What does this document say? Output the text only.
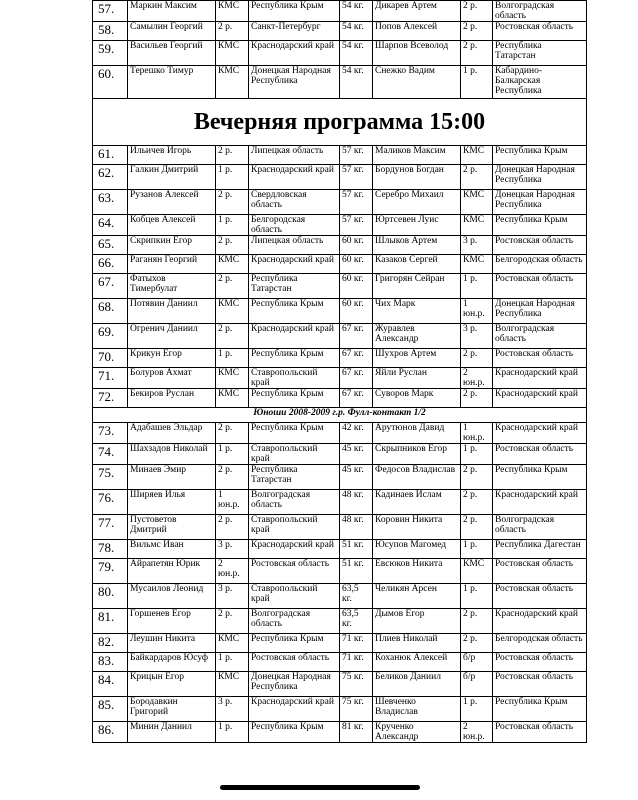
57.	Маркин Максим	КМС	Республика Крым	54 кг.	Дикарев Артем	2 р.	Волгоградская область
58.	Самылин Георгий	2 р.	Санкт-Петербург	54 кг.	Попов Алексей	2 р.	Ростовская область
59.	Васильев Георгий	КМС	Краснодарский край	54 кг.	Шарпов Всеволод	2 р.	Республика Татарстан
60.	Терешко Тимур	КМС	Донецкая Народная Республика	54 кг.	Снежко Вадим	1 р.	Кабардино-Балкарская Республика
Вечерняя программа 15:00							
61.	Ильичев Игорь	2 р.	Липецкая область	57 кг.	Маликов Максим	КМС	Республика Крым
62.	Галкин Дмитрий	1 р.	Краснодарский край	57 кг.	Бордунов Богдан	2 р.	Донецкая Народная Республика
63.	Рузанов Алексей	2 р.	Свердловская область	57 кг.	Серебро Михаил	КМС	Донецкая Народная Республика
64.	Кобцев Алексей	1 р.	Белгородская область	57 кг.	Юртсевен Луис	КМС	Республика Крым
65.	Скрипкин Егор	2 р.	Липецкая область	60 кг.	Шлыков Артем	3 р.	Ростовская область
66.	Раганян Георгий	КМС	Краснодарский край	60 кг.	Казаков Сергей	КМС	Белгородская область
67.	Фатыхов Тимербулат	2 р.	Республика Татарстан	60 кг.	Григорян Сейран	1 р.	Ростовская область
68.	Потявин Даниил	КМС	Республика Крым	60 кг.	Чих Марк	1 юн.р.	Донецкая Народная Республика
69.	Огренич Даниил	2 р.	Краснодарский край	67 кг.	Журавлев Александр	3 р.	Волгоградская область
70.	Крикун Егор	1 р.	Республика Крым	67 кг.	Шухров Артем	2 р.	Ростовская область
71.	Болуров Ахмат	КМС	Ставропольский край	67 кг.	Яйли Руслан	2 юн.р.	Краснодарский край
72.	Бекиров Руслан	КМС	Республика Крым	67 кг.	Суворов Марк	2 р.	Краснодарский край
Юноши 2008-2009 г.р. Фулл-контакт 1/2							
73.	Адабашев Эльдар	2 р.	Республика Крым	42 кг.	Арутюнов Давид	1 юн.р.	Краснодарский край
74.	Шахзадов Николай	1 р.	Ставропольский край	45 кг.	Скрыпников Егор	1 р.	Ростовская область
75.	Минаев Эмир	2 р.	Республика Татарстан	45 кг.	Федосов Владислав	2 р.	Республика Крым
76.	Ширяев Илья	1 юн.р.	Волгоградская область	48 кг.	Кадинаев Ислам	2 р.	Краснодарский край
77.	Пустоветов Дмитрий	2 р.	Ставропольский край	48 кг.	Коровин Никита	2 р.	Волгоградская область
78.	Вильмс Иван	3 р.	Краснодарский край	51 кг.	Юсупов Магомед	1 р.	Республика Дагестан
79.	Айрапетян Юрик	2 юн.р.	Ростовская область	51 кг.	Евсюков Никита	КМС	Ростовская область
80.	Мусаилов Леонид	3 р.	Ставропольский край	63,5 кг.	Челикян Арсен	1 р.	Ростовская область
81.	Горшенев Егор	2 р.	Волгоградская область	63,5 кг.	Дымов Егор	2 р.	Краснодарский край
82.	Леушин Никита	КМС	Республика Крым	71 кг.	Плиев Николай	2 р.	Белгородская область
83.	Байкардаров Юсуф	1 р.	Ростовская область	71 кг.	Коханюк Алексей	б/р	Ростовская область
84.	Крицын Егор	КМС	Донецкая Народная Республика	75 кг.	Беликов Даниил	б/р	Ростовская область
85.	Бородавкин Григорий	3 р.	Краснодарский край	75 кг.	Шевченко Владислав	1 р.	Республика Крым
86.	Минин Даниил	1 р.	Республика Крым	81 кг.	Крученко Александр	2 юн.р.	Ростовская область
